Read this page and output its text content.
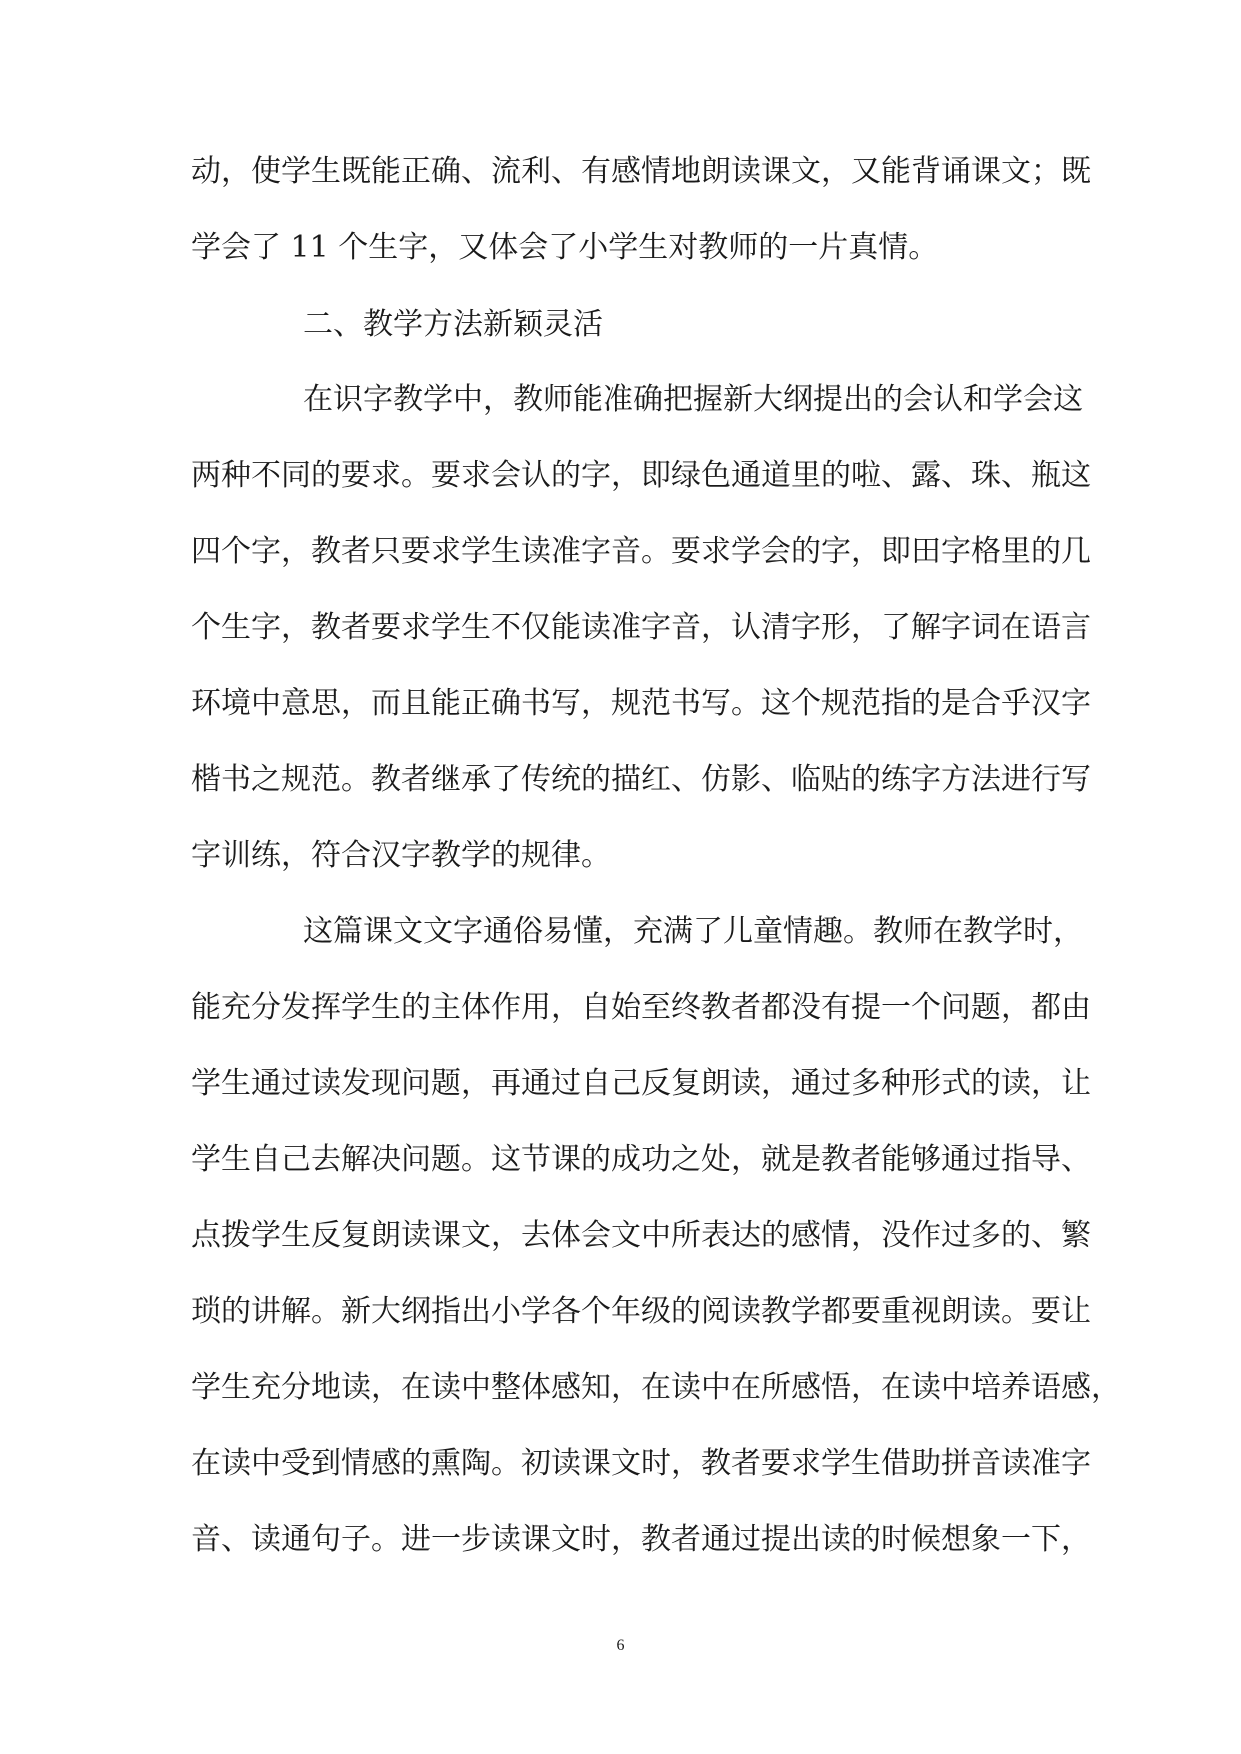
动，使学生既能正确、流利、有感情地朗读课文，又能背诵课文；既
学会了 11 个生字，又体会了小学生对教师的一片真情。
二、教学方法新颖灵活
在识字教学中，教师能准确把握新大纲提出的会认和学会这
两种不同的要求。要求会认的字，即绿色通道里的啦、露、珠、瓶这
四个字，教者只要求学生读准字音。要求学会的字，即田字格里的几
个生字，教者要求学生不仅能读准字音，认清字形，了解字词在语言
环境中意思，而且能正确书写，规范书写。这个规范指的是合乎汉字
楷书之规范。教者继承了传统的描红、仿影、临贴的练字方法进行写
字训练，符合汉字教学的规律。
这篇课文文字通俗易懂，充满了儿童情趣。教师在教学时，
能充分发挥学生的主体作用，自始至终教者都没有提一个问题，都由
学生通过读发现问题，再通过自己反复朗读，通过多种形式的读，让
学生自己去解决问题。这节课的成功之处，就是教者能够通过指导、
点拨学生反复朗读课文，去体会文中所表达的感情，没作过多的、繁
琐的讲解。新大纲指出小学各个年级的阅读教学都要重视朗读。要让
学生充分地读，在读中整体感知，在读中在所感悟，在读中培养语感，
在读中受到情感的熏陶。初读课文时，教者要求学生借助拼音读准字
音、读通句子。进一步读课文时，教者通过提出读的时候想象一下，
6
